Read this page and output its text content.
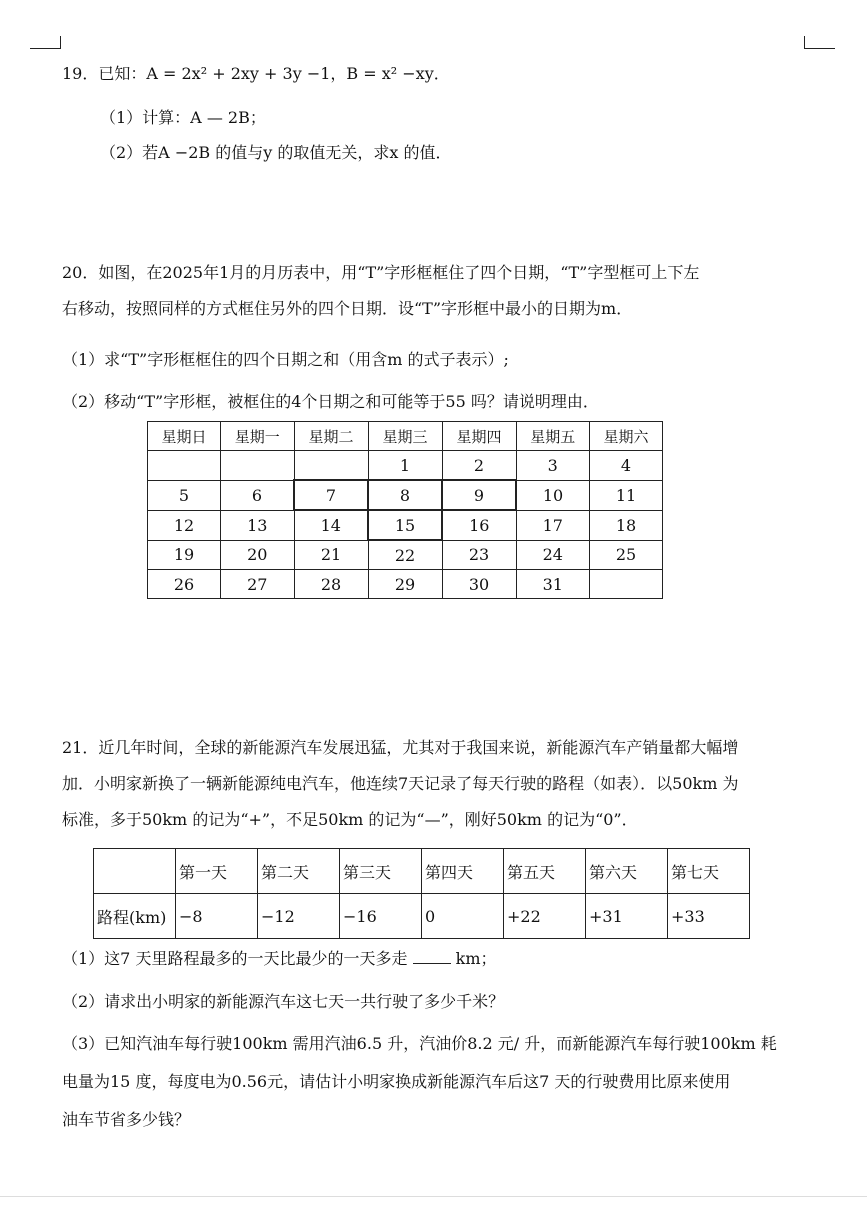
19．已知：A = 2x² + 2xy + 3y −1，B = x² −xy．
（1）计算：A — 2B；
（2）若A −2B 的值与y 的取值无关，求x 的值．
20．如图，在2025年1月的月历表中，用“T”字形框框住了四个日期，“T”字型框可上下左
右移动，按照同样的方式框住另外的四个日期．设“T”字形框中最小的日期为m．
（1）求“T”字形框框住的四个日期之和（用含m 的式子表示）;
（2）移动“T”字形框，被框住的4个日期之和可能等于55 吗？请说明理由．
星期日	星期一	星期二	星期三	星期四	星期五	星期六
			1	2	3	4
5	6	7	8	9	10	11
12	13	14	15	16	17	18
19	20	21	22	23	24	25
26	27	28	29	30	31	
21．近几年时间，全球的新能源汽车发展迅猛，尤其对于我国来说，新能源汽车产销量都大幅增
加．小明家新换了一辆新能源纯电汽车，他连续7天记录了每天行驶的路程（如表）．以50km 为
标准，多于50km 的记为“+”，不足50km 的记为“—”，刚好50km 的记为“0”．
	第一天	第二天	第三天	第四天	第五天	第六天	第七天
路程(km)	−8	−12	−16	0	+22	+31	+33
（1）这7 天里路程最多的一天比最少的一天多走	km；
（2）请求出小明家的新能源汽车这七天一共行驶了多少千米？
（3）已知汽油车每行驶100km 需用汽油6.5 升，汽油价8.2 元/ 升，而新能源汽车每行驶100km 耗
电量为15 度，每度电为0.56元，请估计小明家换成新能源汽车后这7 天的行驶费用比原来使用
油车节省多少钱？
